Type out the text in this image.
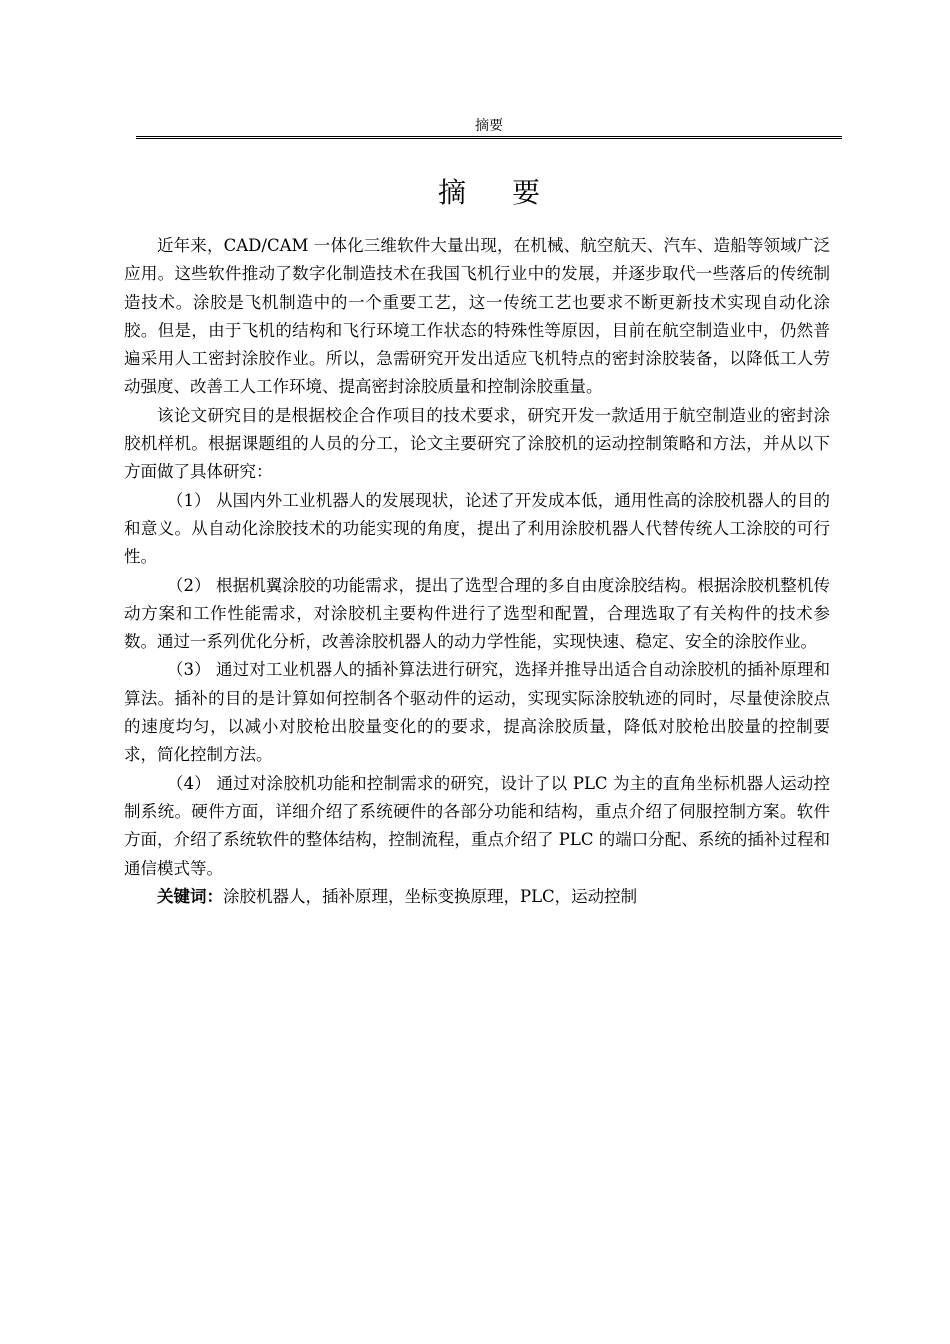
摘要
摘 要

近年来，CAD/CAM 一体化三维软件大量出现，在机械、航空航天、汽车、造船等领域广泛应用。这些软件推动了数字化制造技术在我国飞机行业中的发展，并逐步取代一些落后的传统制造技术。涂胶是飞机制造中的一个重要工艺，这一传统工艺也要求不断更新技术实现自动化涂胶。但是，由于飞机的结构和飞行环境工作状态的特殊性等原因，目前在航空制造业中，仍然普遍采用人工密封涂胶作业。所以，急需研究开发出适应飞机特点的密封涂胶装备，以降低工人劳动强度、改善工人工作环境、提高密封涂胶质量和控制涂胶重量。

该论文研究目的是根据校企合作项目的技术要求，研究开发一款适用于航空制造业的密封涂胶机样机。根据课题组的人员的分工，论文主要研究了涂胶机的运动控制策略和方法，并从以下方面做了具体研究：

（1） 从国内外工业机器人的发展现状，论述了开发成本低，通用性高的涂胶机器人的目的和意义。从自动化涂胶技术的功能实现的角度，提出了利用涂胶机器人代替传统人工涂胶的可行性。

（2） 根据机翼涂胶的功能需求，提出了选型合理的多自由度涂胶结构。根据涂胶机整机传动方案和工作性能需求，对涂胶机主要构件进行了选型和配置，合理选取了有关构件的技术参数。通过一系列优化分析，改善涂胶机器人的动力学性能，实现快速、稳定、安全的涂胶作业。

（3） 通过对工业机器人的插补算法进行研究，选择并推导出适合自动涂胶机的插补原理和算法。插补的目的是计算如何控制各个驱动件的运动，实现实际涂胶轨迹的同时，尽量使涂胶点的速度均匀，以减小对胶枪出胶量变化的的要求，提高涂胶质量，降低对胶枪出胶量的控制要求，简化控制方法。

（4） 通过对涂胶机功能和控制需求的研究，设计了以 PLC 为主的直角坐标机器人运动控制系统。硬件方面，详细介绍了系统硬件的各部分功能和结构，重点介绍了伺服控制方案。软件方面，介绍了系统软件的整体结构，控制流程，重点介绍了 PLC 的端口分配、系统的插补过程和通信模式等。

关键词：涂胶机器人，插补原理，坐标变换原理，PLC，运动控制
